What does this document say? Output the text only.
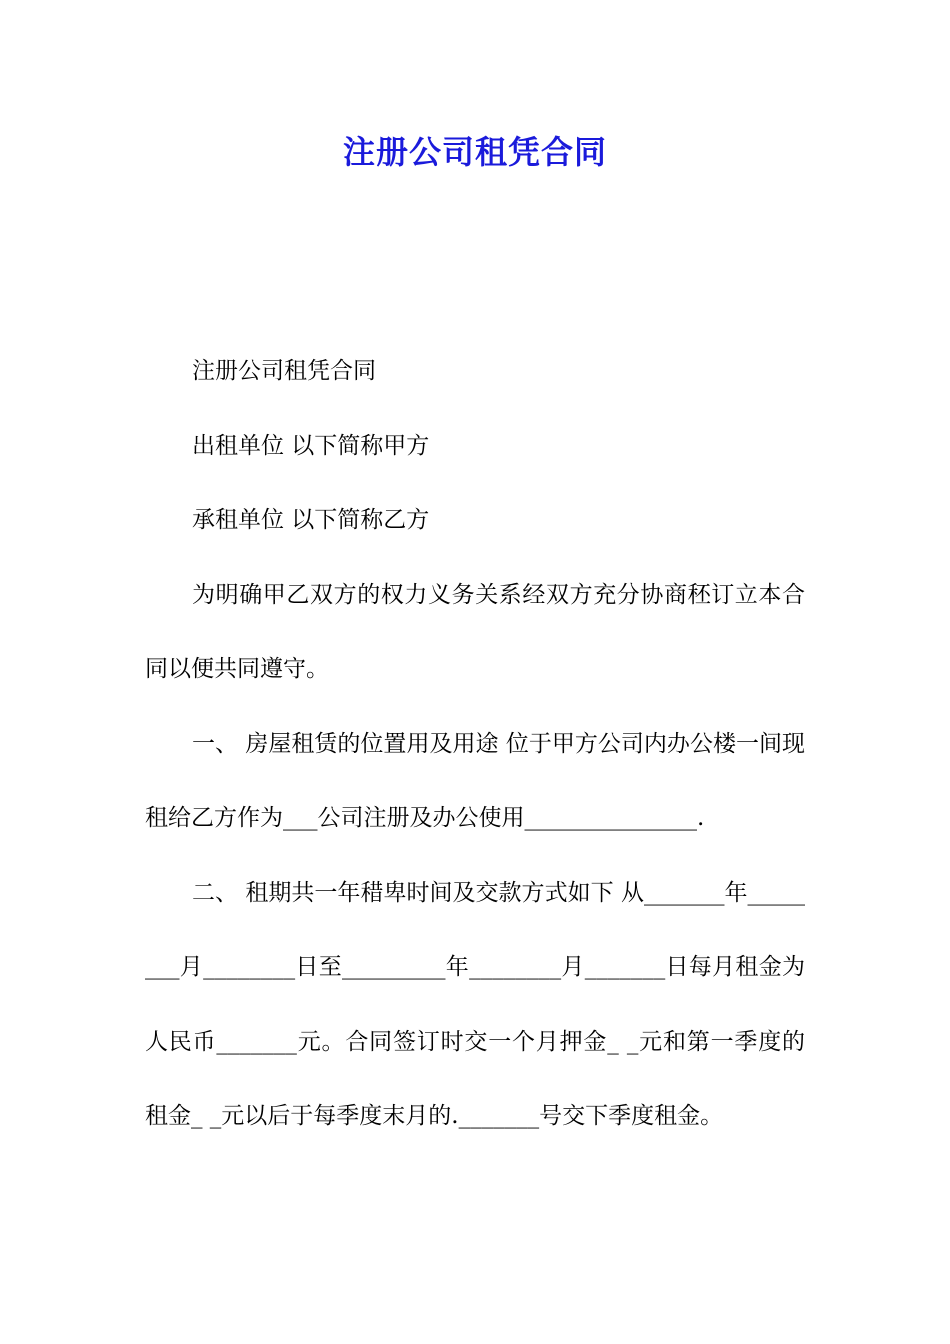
注册公司租凭合同

注册公司租凭合同

出租单位 以下简称甲方

承租单位 以下简称乙方

为明确甲乙双方的权力义务关系经双方充分协商秠订立本合同以便共同遵守。

一、 房屋租赁的位置用及用途 位于甲方公司内办公楼一间现租给乙方作为___公司注册及办公使用_______________.

二、 租期共一年稓卑时间及交款方式如下 从_______年________月________日至_________年________月_______日每月租金为人民币_______元。合同签订时交一个月押金_ _元和第一季度的租金_ _元以后于每季度末月的._______号交下季度租金。
